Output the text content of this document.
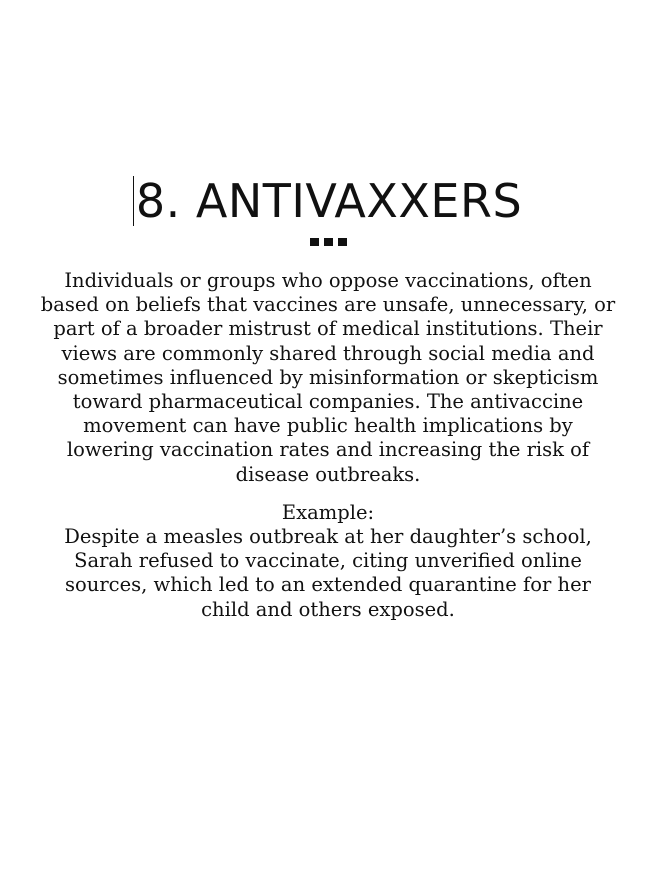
8. ANTIVAXXERS

Individuals or groups who oppose vaccinations, often based on beliefs that vaccines are unsafe, unnecessary, or part of a broader mistrust of medical institutions. Their views are commonly shared through social media and sometimes influenced by misinformation or skepticism toward pharmaceutical companies. The antivaccine movement can have public health implications by lowering vaccination rates and increasing the risk of disease outbreaks.

Example:

Despite a measles outbreak at her daughter’s school, Sarah refused to vaccinate, citing unverified online sources, which led to an extended quarantine for her child and others exposed.
